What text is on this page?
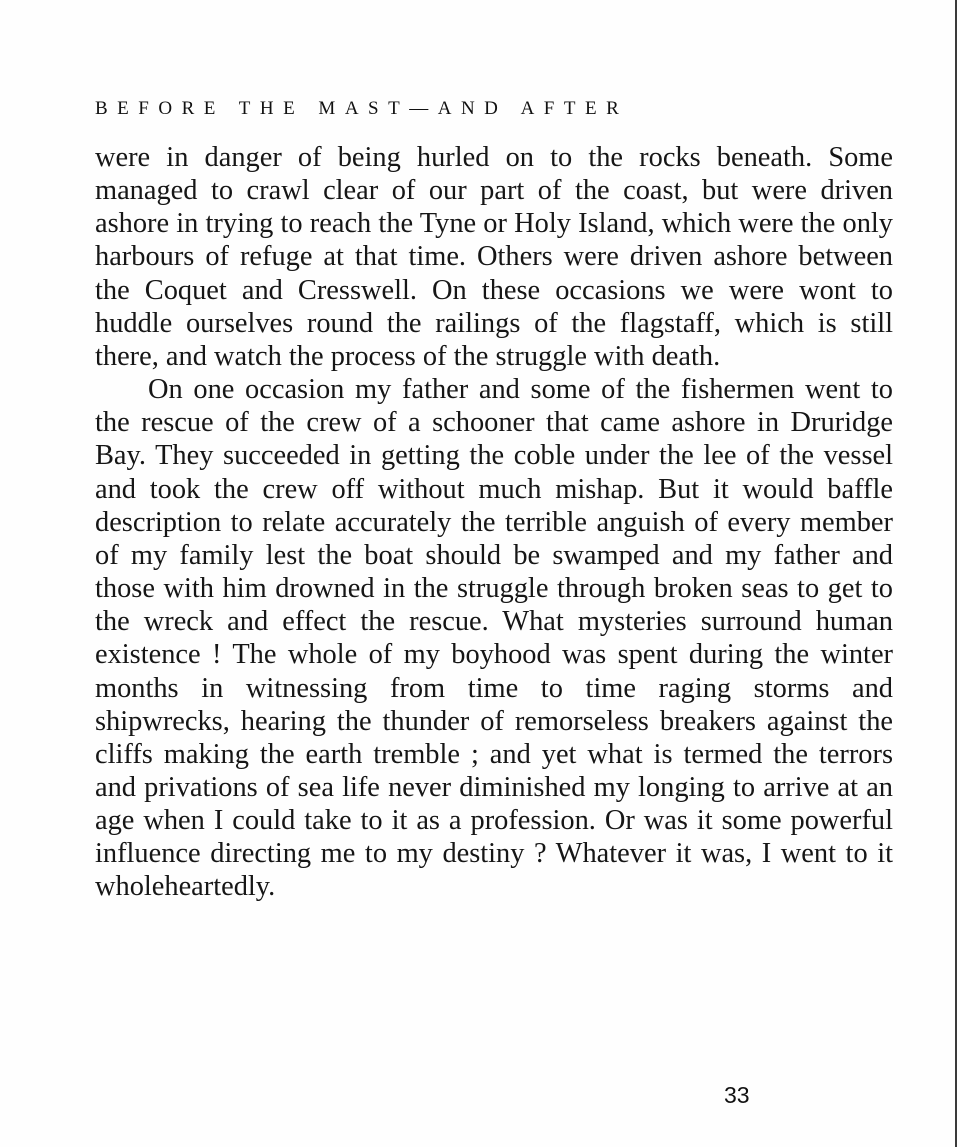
BEFORE THE MAST—AND AFTER

were in danger of being hurled on to the rocks beneath. Some managed to crawl clear of our part of the coast, but were driven ashore in trying to reach the Tyne or Holy Island, which were the only harbours of refuge at that time. Others were driven ashore between the Coquet and Cresswell. On these occasions we were wont to huddle ourselves round the railings of the flagstaff, which is still there, and watch the process of the struggle with death.

On one occasion my father and some of the fishermen went to the rescue of the crew of a schooner that came ashore in Druridge Bay. They succeeded in getting the coble under the lee of the vessel and took the crew off without much mishap. But it would baffle description to relate accurately the terrible anguish of every member of my family lest the boat should be swamped and my father and those with him drowned in the struggle through broken seas to get to the wreck and effect the rescue. What mysteries surround human existence ! The whole of my boyhood was spent during the winter months in witnessing from time to time raging storms and shipwrecks, hearing the thunder of remorseless breakers against the cliffs making the earth tremble ; and yet what is termed the terrors and privations of sea life never diminished my longing to arrive at an age when I could take to it as a profession. Or was it some powerful influence directing me to my destiny ? Whatever it was, I went to it wholeheartedly.

33
